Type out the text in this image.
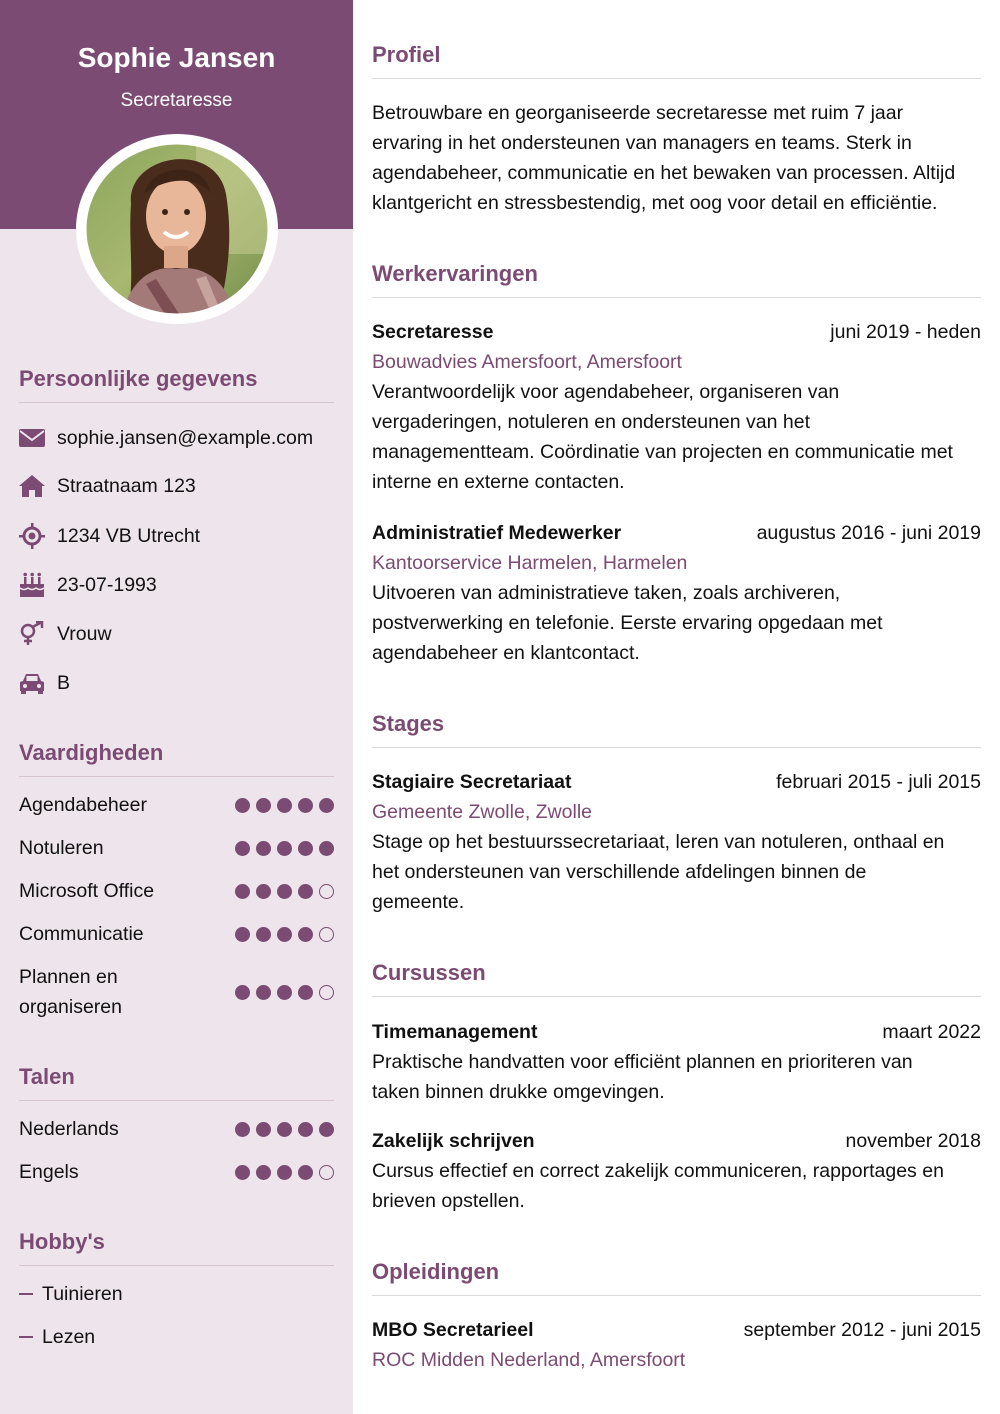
Sophie Jansen
Secretaresse
Persoonlijke gegevens
sophie.jansen@example.com
Straatnaam 123
1234 VB Utrecht
23-07-1993
Vrouw
B
Vaardigheden
Agendabeheer
Notuleren
Microsoft Office
Communicatie
Plannen en
organiseren
Talen
Nederlands
Engels
Hobby's
Tuinieren
Lezen
Profiel
Betrouwbare en georganiseerde secretaresse met ruim 7 jaar
ervaring in het ondersteunen van managers en teams. Sterk in
agendabeheer, communicatie en het bewaken van processen. Altijd
klantgericht en stressbestendig, met oog voor detail en efficiëntie.
Werkervaringen
Secretaresse	juni 2019 - heden
Bouwadvies Amersfoort, Amersfoort
Verantwoordelijk voor agendabeheer, organiseren van
vergaderingen, notuleren en ondersteunen van het
managementteam. Coördinatie van projecten en communicatie met
interne en externe contacten.
Administratief Medewerker	augustus 2016 - juni 2019
Kantoorservice Harmelen, Harmelen
Uitvoeren van administratieve taken, zoals archiveren,
postverwerking en telefonie. Eerste ervaring opgedaan met
agendabeheer en klantcontact.
Stages
Stagiaire Secretariaat	februari 2015 - juli 2015
Gemeente Zwolle, Zwolle
Stage op het bestuurssecretariaat, leren van notuleren, onthaal en
het ondersteunen van verschillende afdelingen binnen de
gemeente.
Cursussen
Timemanagement	maart 2022
Praktische handvatten voor efficiënt plannen en prioriteren van
taken binnen drukke omgevingen.
Zakelijk schrijven	november 2018
Cursus effectief en correct zakelijk communiceren, rapportages en
brieven opstellen.
Opleidingen
MBO Secretarieel	september 2012 - juni 2015
ROC Midden Nederland, Amersfoort
